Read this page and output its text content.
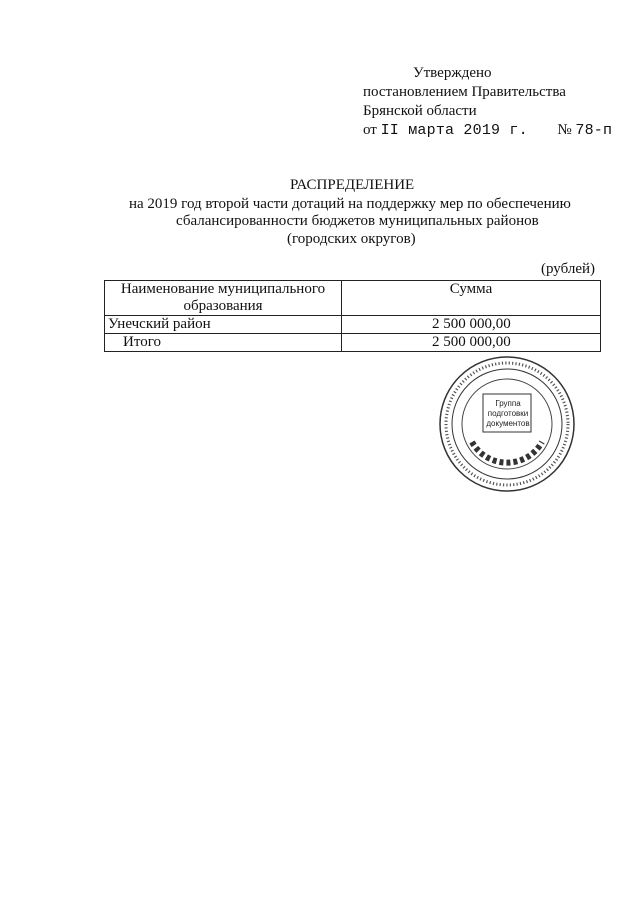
Утверждено
постановлением Правительства
Брянской области
от II марта 2019 г. № 78-п
РАСПРЕДЕЛЕНИЕ
на 2019 год второй части дотаций на поддержку мер по обеспечению
сбалансированности бюджетов муниципальных районов
(городских округов)
(рублей)
Наименование муниципального образования	Сумма
Унечский район	2 500 000,00
Итого	2 500 000,00
Группа
подготовки
документов
